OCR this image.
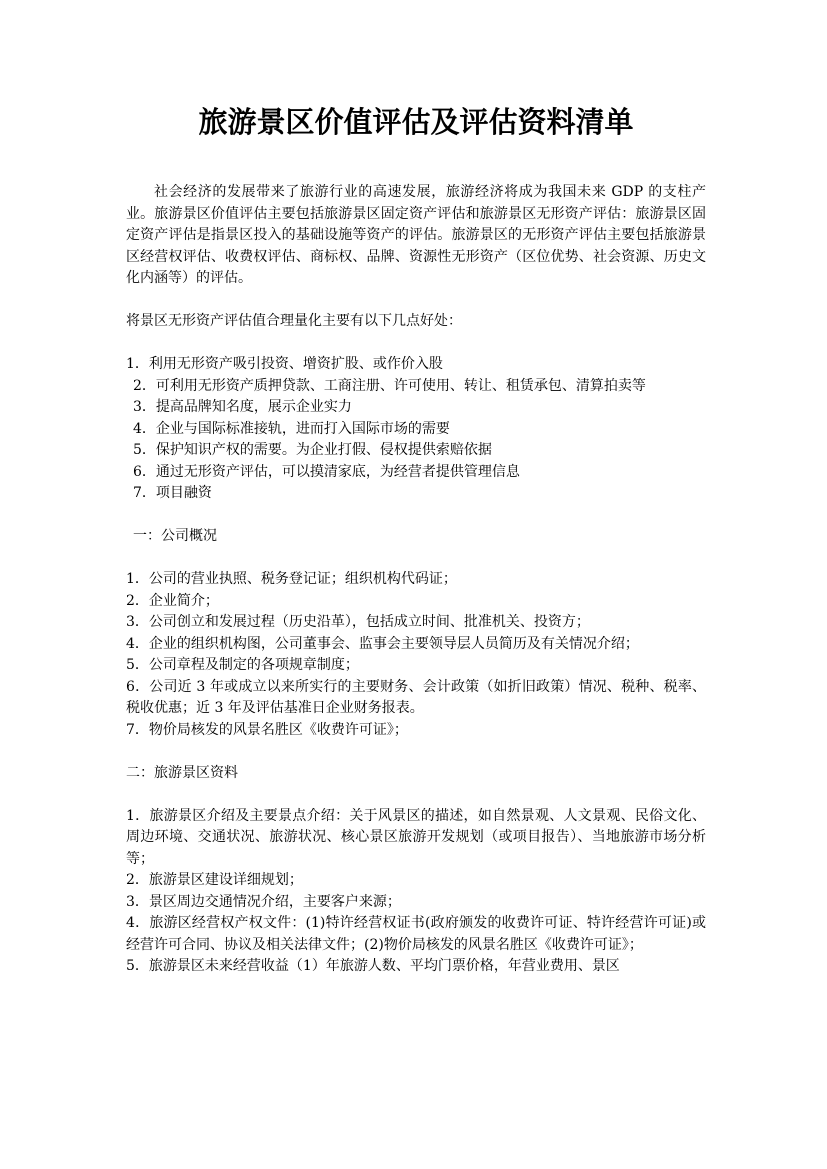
旅游景区价值评估及评估资料清单

社会经济的发展带来了旅游行业的高速发展，旅游经济将成为我国未来 GDP 的支柱产业。旅游景区价值评估主要包括旅游景区固定资产评估和旅游景区无形资产评估：旅游景区固定资产评估是指景区投入的基础设施等资产的评估。旅游景区的无形资产评估主要包括旅游景区经营权评估、收费权评估、商标权、品牌、资源性无形资产（区位优势、社会资源、历史文化内涵等）的评估。

将景区无形资产评估值合理量化主要有以下几点好处：

1．利用无形资产吸引投资、增资扩股、或作价入股

2．可利用无形资产质押贷款、工商注册、许可使用、转让、租赁承包、清算拍卖等

3．提高品牌知名度，展示企业实力

4．企业与国际标准接轨，进而打入国际市场的需要

5．保护知识产权的需要。为企业打假、侵权提供索赔依据

6．通过无形资产评估，可以摸清家底，为经营者提供管理信息

7．项目融资

一：公司概况

1．公司的营业执照、税务登记证；组织机构代码证；

2．企业简介；

3．公司创立和发展过程（历史沿革），包括成立时间、批准机关、投资方；

4．企业的组织机构图，公司董事会、监事会主要领导层人员简历及有关情况介绍；

5．公司章程及制定的各项规章制度；

6．公司近 3 年或成立以来所实行的主要财务、会计政策（如折旧政策）情况、税种、税率、税收优惠；近 3 年及评估基准日企业财务报表。

7．物价局核发的风景名胜区《收费许可证》；

二：旅游景区资料

1．旅游景区介绍及主要景点介绍：关于风景区的描述，如自然景观、人文景观、民俗文化、周边环境、交通状况、旅游状况、核心景区旅游开发规划（或项目报告）、当地旅游市场分析等；

2．旅游景区建设详细规划；

3．景区周边交通情况介绍，主要客户来源；

4．旅游区经营权产权文件：(1)特许经营权证书(政府颁发的收费许可证、特许经营许可证)或经营许可合同、协议及相关法律文件；(2)物价局核发的风景名胜区《收费许可证》；

5．旅游景区未来经营收益（1）年旅游人数、平均门票价格，年营业费用、景区
